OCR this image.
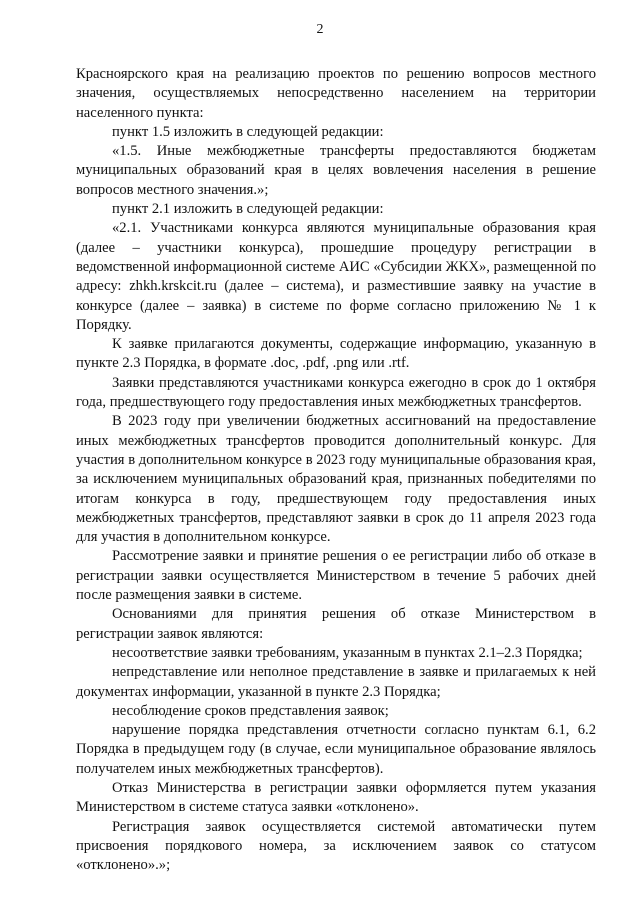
2

Красноярского края на реализацию проектов по решению вопросов местного значения, осуществляемых непосредственно населением на территории населенного пункта:

пункт 1.5 изложить в следующей редакции:

«1.5. Иные межбюджетные трансферты предоставляются бюджетам муниципальных образований края в целях вовлечения населения в решение вопросов местного значения.»;

пункт 2.1 изложить в следующей редакции:

«2.1. Участниками конкурса являются муниципальные образования края (далее – участники конкурса), прошедшие процедуру регистрации в ведомственной информационной системе АИС «Субсидии ЖКХ», размещенной по адресу: zhkh.krskcit.ru (далее – система), и разместившие заявку на участие в конкурсе (далее – заявка) в системе по форме согласно приложению № 1 к Порядку.

К заявке прилагаются документы, содержащие информацию, указанную в пункте 2.3 Порядка, в формате .doc, .pdf, .png или .rtf.

Заявки представляются участниками конкурса ежегодно в срок до 1 октября года, предшествующего году предоставления иных межбюджетных трансфертов.

В 2023 году при увеличении бюджетных ассигнований на предоставление иных межбюджетных трансфертов проводится дополнительный конкурс. Для участия в дополнительном конкурсе в 2023 году муниципальные образования края, за исключением муниципальных образований края, признанных победителями по итогам конкурса в году, предшествующем году предоставления иных межбюджетных трансфертов, представляют заявки в срок до 11 апреля 2023 года для участия в дополнительном конкурсе.

Рассмотрение заявки и принятие решения о ее регистрации либо об отказе в регистрации заявки осуществляется Министерством в течение 5 рабочих дней после размещения заявки в системе.

Основаниями для принятия решения об отказе Министерством в регистрации заявок являются:

несоответствие заявки требованиям, указанным в пунктах 2.1–2.3 Порядка;

непредставление или неполное представление в заявке и прилагаемых к ней документах информации, указанной в пункте 2.3 Порядка;

несоблюдение сроков представления заявок;

нарушение порядка представления отчетности согласно пунктам 6.1, 6.2 Порядка в предыдущем году (в случае, если муниципальное образование являлось получателем иных межбюджетных трансфертов).

Отказ Министерства в регистрации заявки оформляется путем указания Министерством в системе статуса заявки «отклонено».

Регистрация заявок осуществляется системой автоматически путем присвоения порядкового номера, за исключением заявок со статусом «отклонено».»;
